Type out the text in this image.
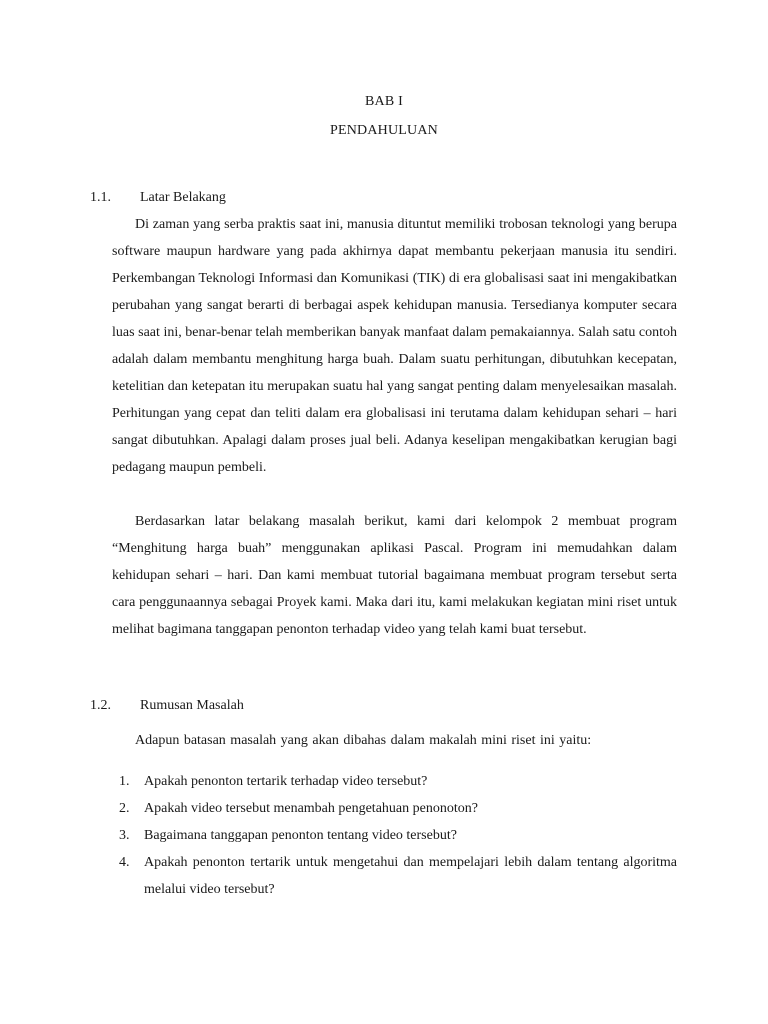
BAB I
PENDAHULUAN
1.1. Latar Belakang

Di zaman yang serba praktis saat ini, manusia dituntut memiliki trobosan teknologi yang berupa software maupun hardware yang pada akhirnya dapat membantu pekerjaan manusia itu sendiri. Perkembangan Teknologi Informasi dan Komunikasi (TIK) di era globalisasi saat ini mengakibatkan perubahan yang sangat berarti di berbagai aspek kehidupan manusia. Tersedianya komputer secara luas saat ini, benar-benar telah memberikan banyak manfaat dalam pemakaiannya. Salah satu contoh adalah dalam membantu menghitung harga buah. Dalam suatu perhitungan, dibutuhkan kecepatan, ketelitian dan ketepatan itu merupakan suatu hal yang sangat penting dalam menyelesaikan masalah. Perhitungan yang cepat dan teliti dalam era globalisasi ini terutama dalam kehidupan sehari – hari sangat dibutuhkan. Apalagi dalam proses jual beli. Adanya keselipan mengakibatkan kerugian bagi pedagang maupun pembeli.

Berdasarkan latar belakang masalah berikut, kami dari kelompok 2 membuat program “Menghitung harga buah” menggunakan aplikasi Pascal. Program ini memudahkan dalam kehidupan sehari – hari. Dan kami membuat tutorial bagaimana membuat program tersebut serta cara penggunaannya sebagai Proyek kami. Maka dari itu, kami melakukan kegiatan mini riset untuk melihat bagimana tanggapan penonton terhadap video yang telah kami buat tersebut.

1.2. Rumusan Masalah
Adapun batasan masalah yang akan dibahas dalam makalah mini riset ini yaitu:
1. Apakah penonton tertarik terhadap video tersebut?
2. Apakah video tersebut menambah pengetahuan penonoton?
3. Bagaimana tanggapan penonton tentang video tersebut?
4. Apakah penonton tertarik untuk mengetahui dan mempelajari lebih dalam tentang algoritma melalui video tersebut?
